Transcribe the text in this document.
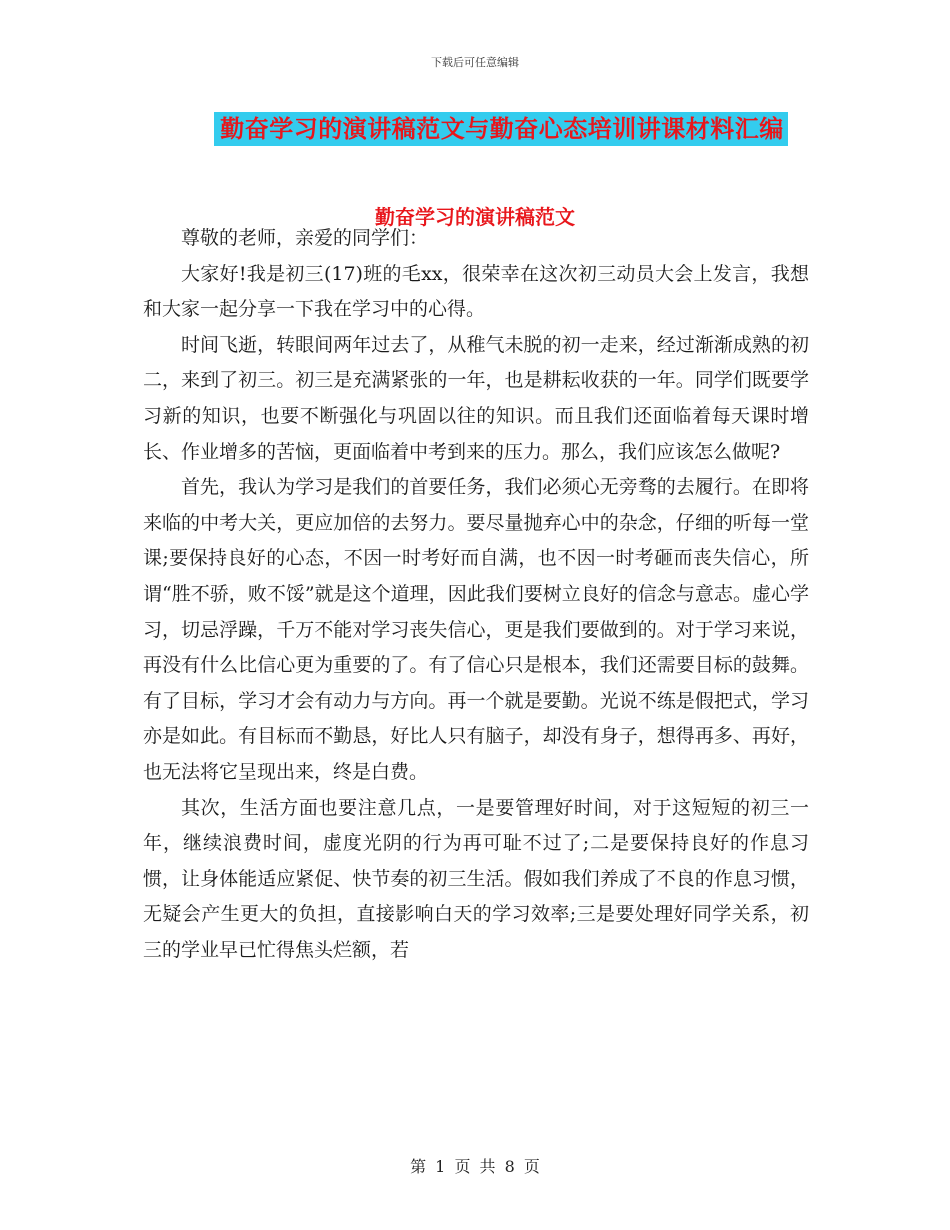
下载后可任意编辑
勤奋学习的演讲稿范文与勤奋心态培训讲课材料汇编
勤奋学习的演讲稿范文

尊敬的老师，亲爱的同学们：

大家好!我是初三(17)班的毛xx，很荣幸在这次初三动员大会上发言，我想和大家一起分享一下我在学习中的心得。

时间飞逝，转眼间两年过去了，从稚气未脱的初一走来，经过渐渐成熟的初二，来到了初三。初三是充满紧张的一年，也是耕耘收获的一年。同学们既要学习新的知识，也要不断强化与巩固以往的知识。而且我们还面临着每天课时增长、作业增多的苦恼，更面临着中考到来的压力。那么，我们应该怎么做呢?

首先，我认为学习是我们的首要任务，我们必须心无旁骛的去履行。在即将来临的中考大关，更应加倍的去努力。要尽量抛弃心中的杂念，仔细的听每一堂课;要保持良好的心态，不因一时考好而自满，也不因一时考砸而丧失信心，所谓“胜不骄，败不馁”就是这个道理，因此我们要树立良好的信念与意志。虚心学习，切忌浮躁，千万不能对学习丧失信心，更是我们要做到的。对于学习来说，再没有什么比信心更为重要的了。有了信心只是根本，我们还需要目标的鼓舞。有了目标，学习才会有动力与方向。再一个就是要勤。光说不练是假把式，学习亦是如此。有目标而不勤恳，好比人只有脑子，却没有身子，想得再多、再好，也无法将它呈现出来，终是白费。

其次，生活方面也要注意几点，一是要管理好时间，对于这短短的初三一年，继续浪费时间，虚度光阴的行为再可耻不过了;二是要保持良好的作息习惯，让身体能适应紧促、快节奏的初三生活。假如我们养成了不良的作息习惯，无疑会产生更大的负担，直接影响白天的学习效率;三是要处理好同学关系，初三的学业早已忙得焦头烂额，若

第 1 页 共 8 页
